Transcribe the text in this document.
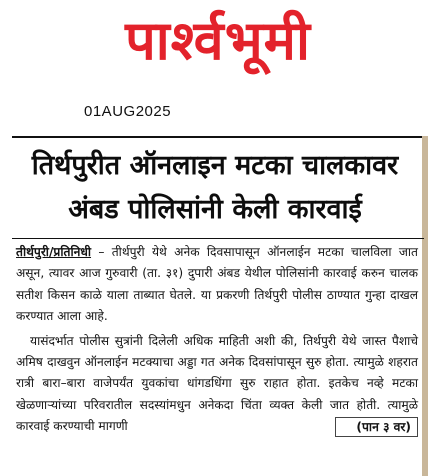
पार्श्वभूमी
01AUG2025
तिर्थपुरीत ऑनलाइन मटका चालकावर
अंबड पोलिसांनी केली कारवाई

तीर्थपुरी/प्रतिनिधी – तीर्थपुरी येथे अनेक दिवसापासून ऑनलाईन मटका चालविला जात असून, त्यावर आज गुरुवारी (ता. ३१) दुपारी अंबड येथील पोलिसांनी कारवाई करुन चालक सतीश किसन काळे याला ताब्यात घेतले. या प्रकरणी तिर्थपुरी पोलीस ठाण्यात गुन्हा दाखल करण्यात आला आहे.

यासंदर्भात पोलीस सुत्रांनी दिलेली अधिक माहिती अशी की, तिर्थपुरी येथे जास्त पैशाचे अमिष दाखवुन ऑनलाईन मटक्याचा अड्डा गत अनेक दिवसांपासून सुरु होता. त्यामुळे शहरात रात्री बारा–बारा वाजेपर्यंत युवकांचा धांगडधिंगा सुरु राहात होता. इतकेच नव्हे मटका खेळणाऱ्यांच्या परिवरातील सदस्यांमधुन अनेकदा चिंता व्यक्त केली जात होती. त्यामुळे कारवाई करण्याची मागणी	(पान ३ वर)
